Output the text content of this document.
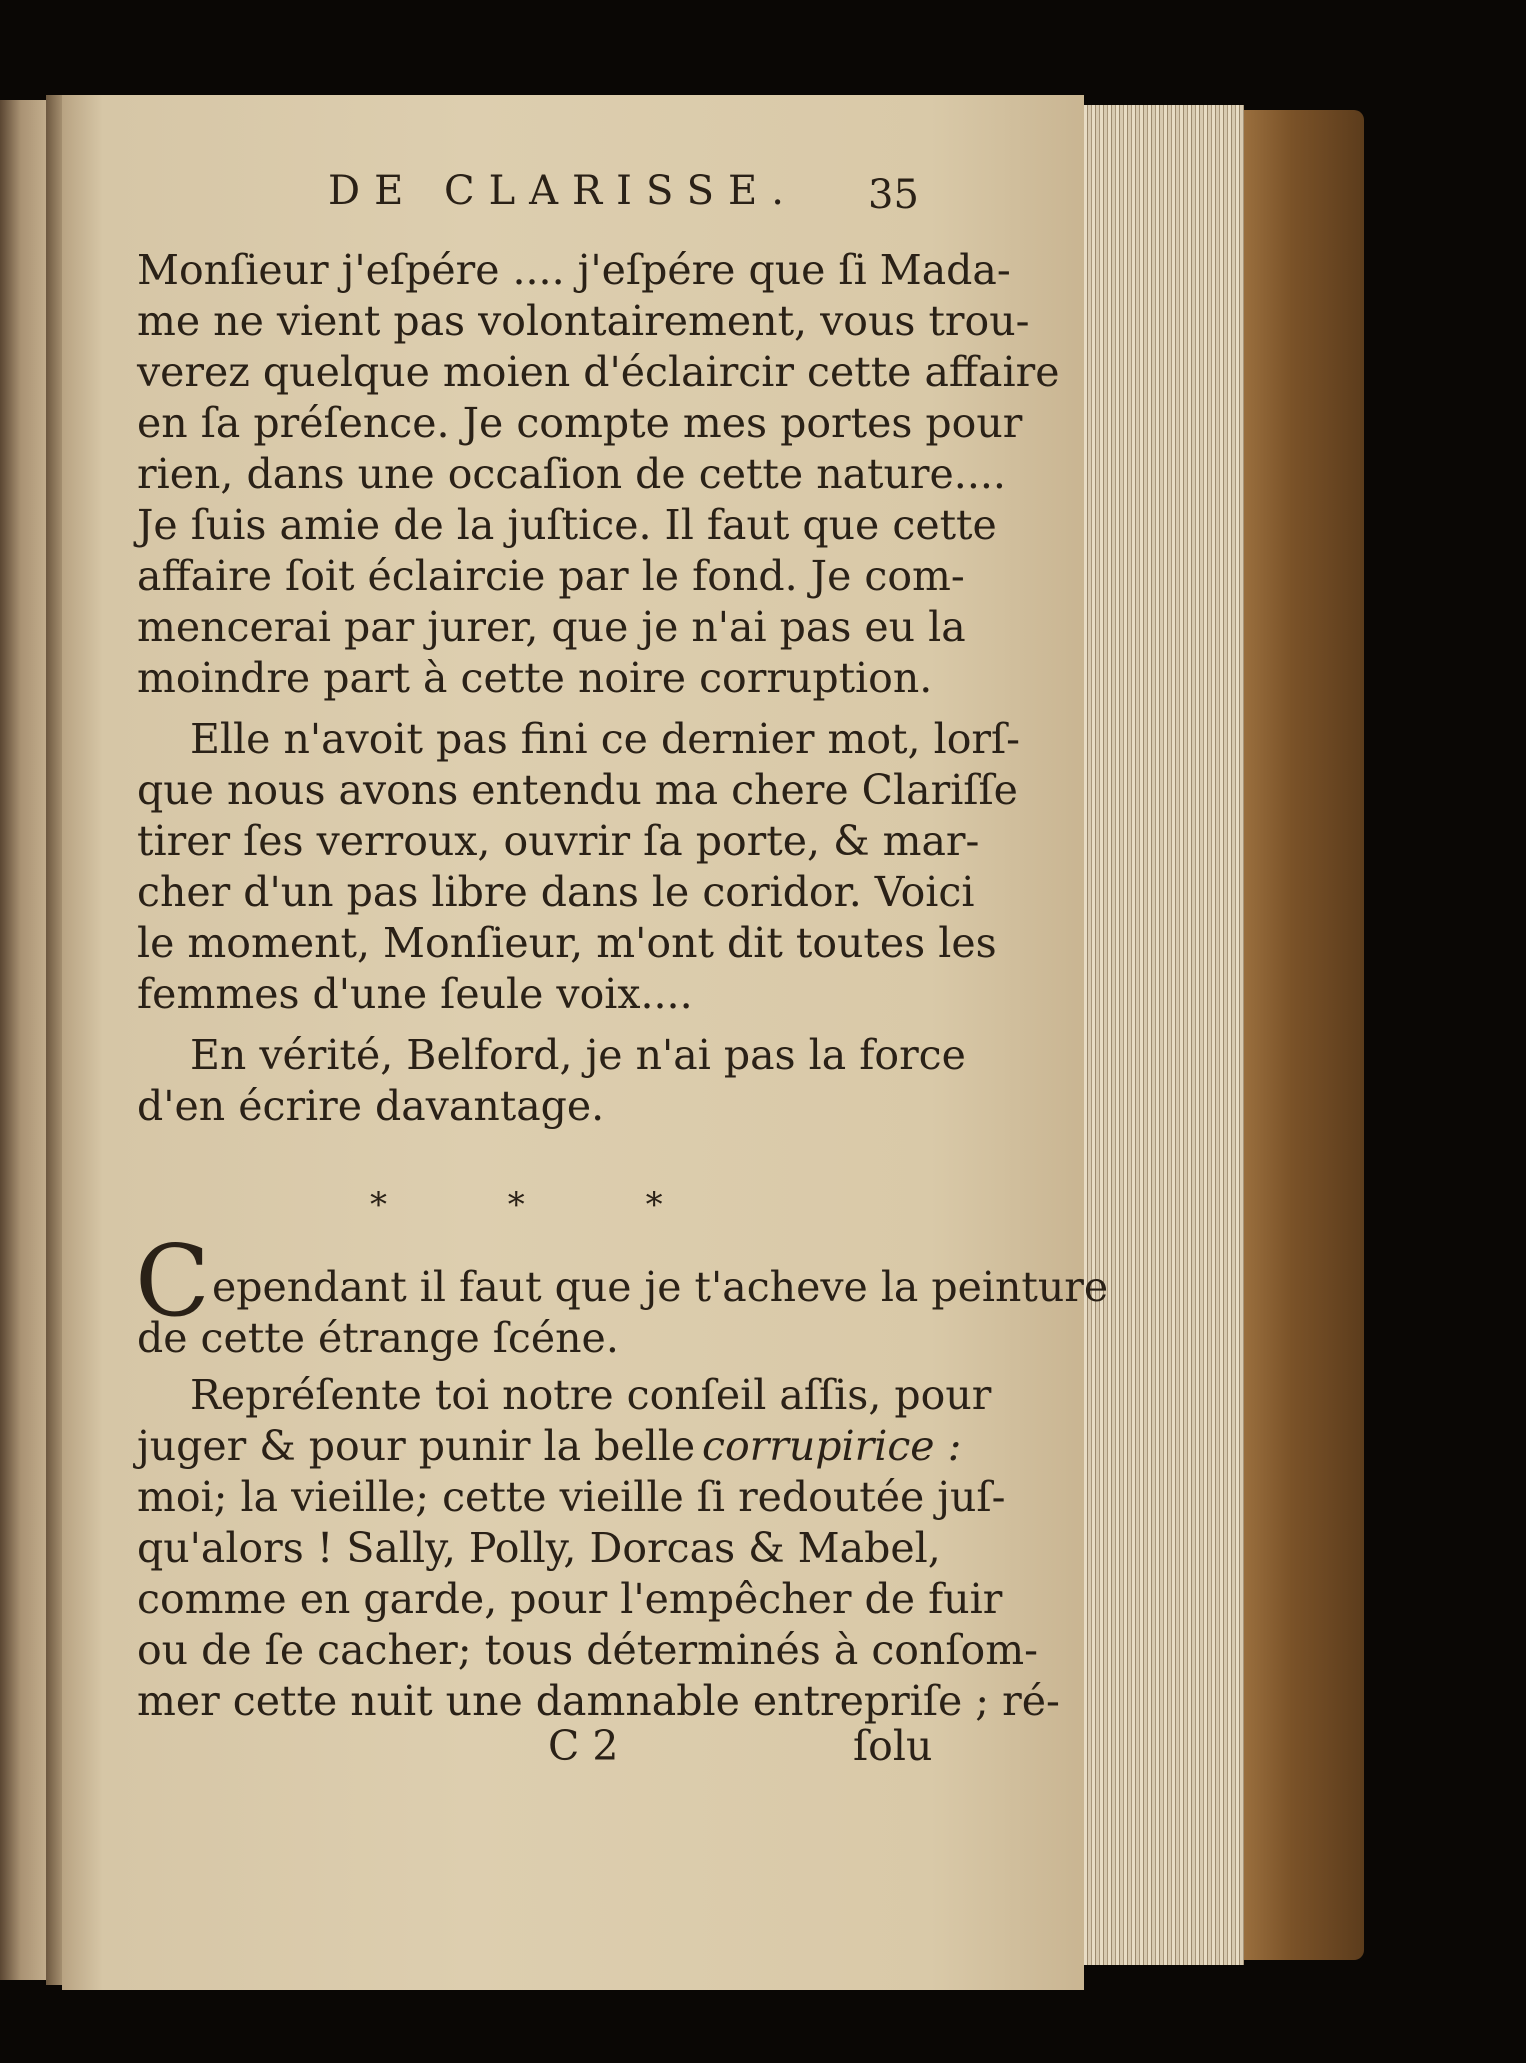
DE CLARISSE.	35
Monſieur j'eſpére .... j'eſpére que ſi Mada-
me ne vient pas volontairement, vous trou-
verez quelque moien d'éclaircir cette affaire
en ſa préſence. Je compte mes portes pour
rien, dans une occaſion de cette nature....
Je ſuis amie de la juſtice. Il faut que cette
affaire ſoit éclaircie par le fond. Je com-
mencerai par jurer, que je n'ai pas eu la
moindre part à cette noire corruption.
Elle n'avoit pas fini ce dernier mot, lorſ-
que nous avons entendu ma chere Clariſſe
tirer ſes verroux, ouvrir ſa porte, & mar-
cher d'un pas libre dans le coridor. Voici
le moment, Monſieur, m'ont dit toutes les
femmes d'une ſeule voix....
En vérité, Belford, je n'ai pas la force
d'en écrire davantage.
* * *
C ependant il faut que je t'acheve la peinture
de cette étrange ſcéne.
Repréſente toi notre conſeil aſſis, pour
juger & pour punir la belle corrupirice :
moi; la vieille; cette vieille ſi redoutée juſ-
qu'alors ! Sally, Polly, Dorcas & Mabel,
comme en garde, pour l'empêcher de fuir
ou de ſe cacher; tous déterminés à conſom-
mer cette nuit une damnable entrepriſe ; ré-
C 2	ſolu
